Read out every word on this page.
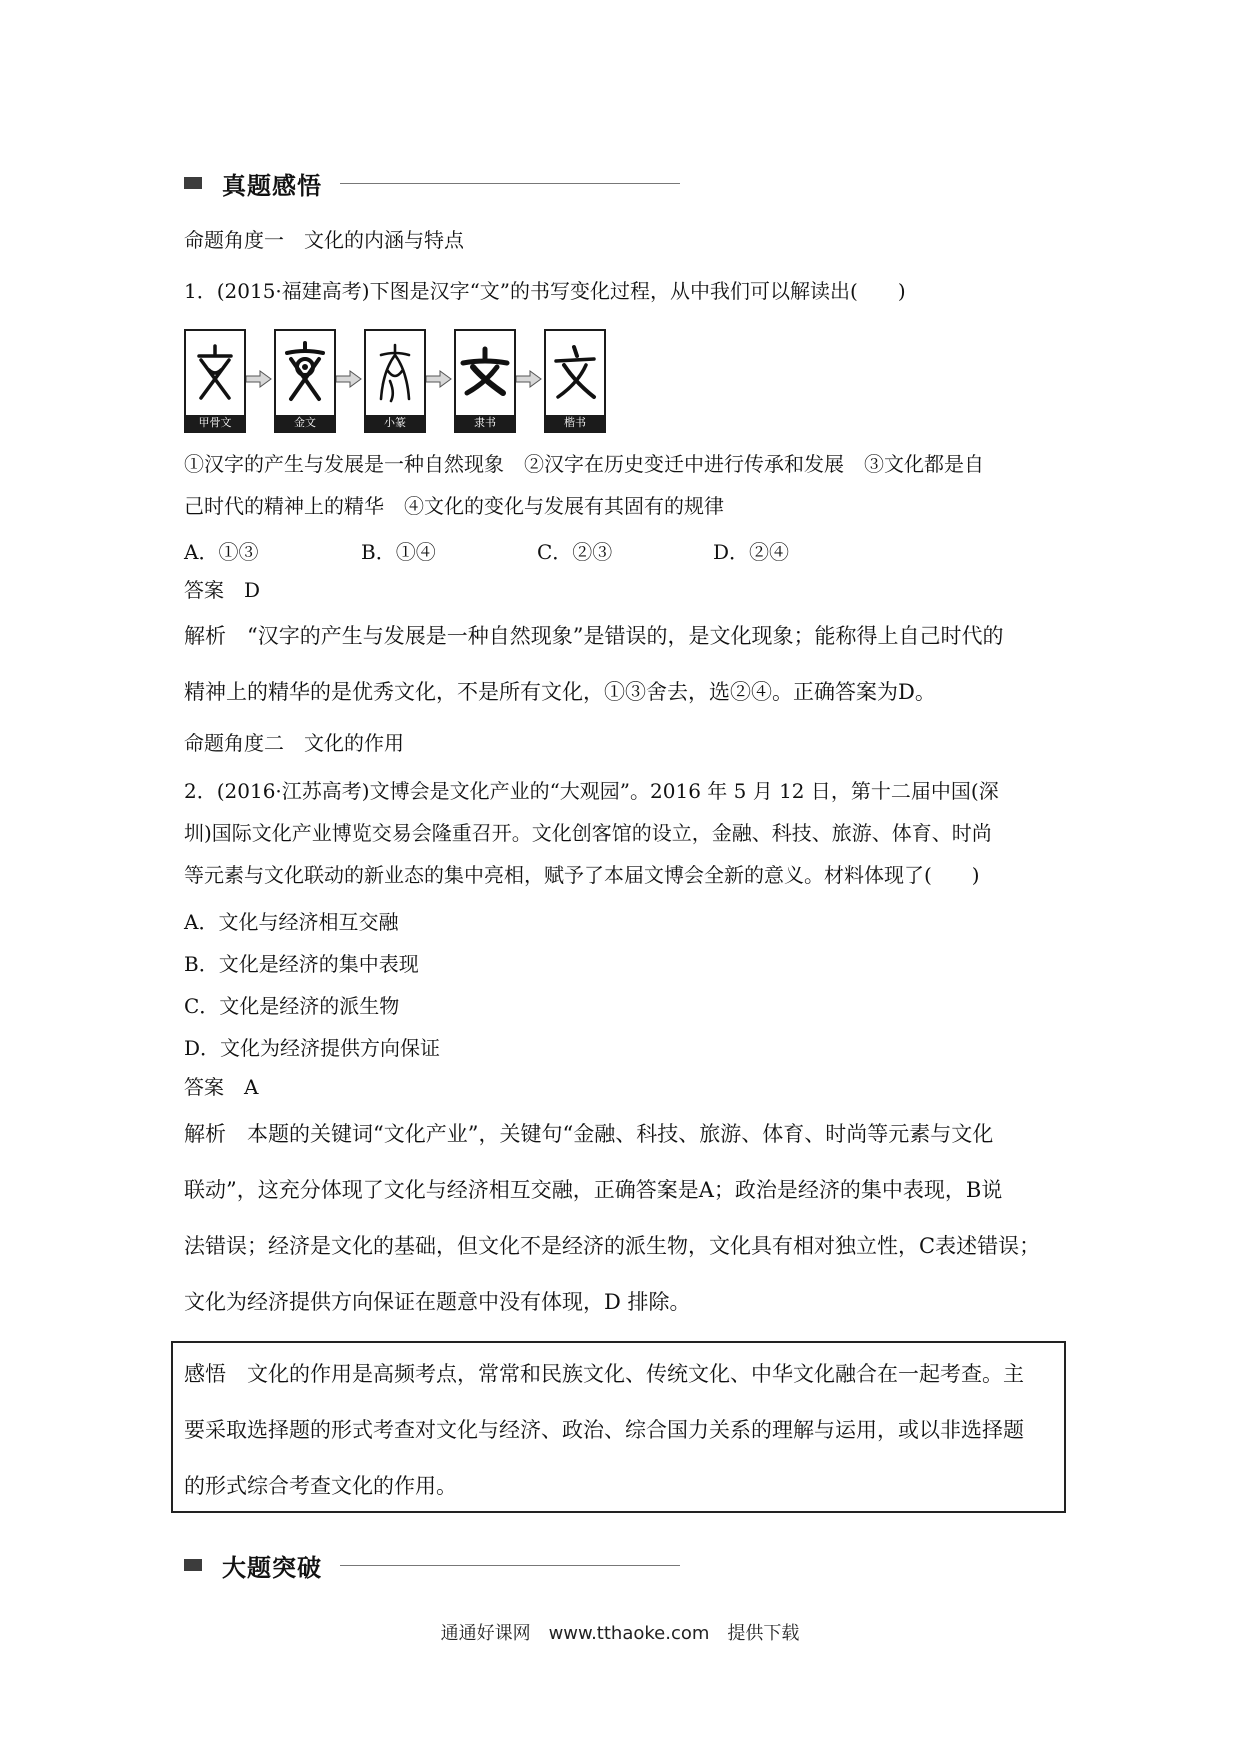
真题感悟
命题角度一　文化的内涵与特点
1．(2015·福建高考)下图是汉字“文”的书写变化过程，从中我们可以解读出(　　)
甲骨文	金文	小篆	隶书	楷书
①汉字的产生与发展是一种自然现象　②汉字在历史变迁中进行传承和发展　③文化都是自
己时代的精神上的精华　④文化的变化与发展有其固有的规律
A．①③	B．①④	C．②③	D．②④
答案　D
解析　“汉字的产生与发展是一种自然现象”是错误的，是文化现象；能称得上自己时代的
精神上的精华的是优秀文化，不是所有文化，①③舍去，选②④。正确答案为D。
命题角度二　文化的作用
2．(2016·江苏高考)文博会是文化产业的“大观园”。2016 年 5 月 12 日，第十二届中国(深
圳)国际文化产业博览交易会隆重召开。文化创客馆的设立，金融、科技、旅游、体育、时尚
等元素与文化联动的新业态的集中亮相，赋予了本届文博会全新的意义。材料体现了(　　)
A．文化与经济相互交融
B．文化是经济的集中表现
C．文化是经济的派生物
D．文化为经济提供方向保证
答案　A
解析　本题的关键词“文化产业”，关键句“金融、科技、旅游、体育、时尚等元素与文化
联动”，这充分体现了文化与经济相互交融，正确答案是A；政治是经济的集中表现，B说
法错误；经济是文化的基础，但文化不是经济的派生物，文化具有相对独立性，C表述错误；
文化为经济提供方向保证在题意中没有体现，D 排除。
感悟　文化的作用是高频考点，常常和民族文化、传统文化、中华文化融合在一起考查。主
要采取选择题的形式考查对文化与经济、政治、综合国力关系的理解与运用，或以非选择题
的形式综合考查文化的作用。
大题突破
通通好课网　www.tthaoke.com　提供下载
